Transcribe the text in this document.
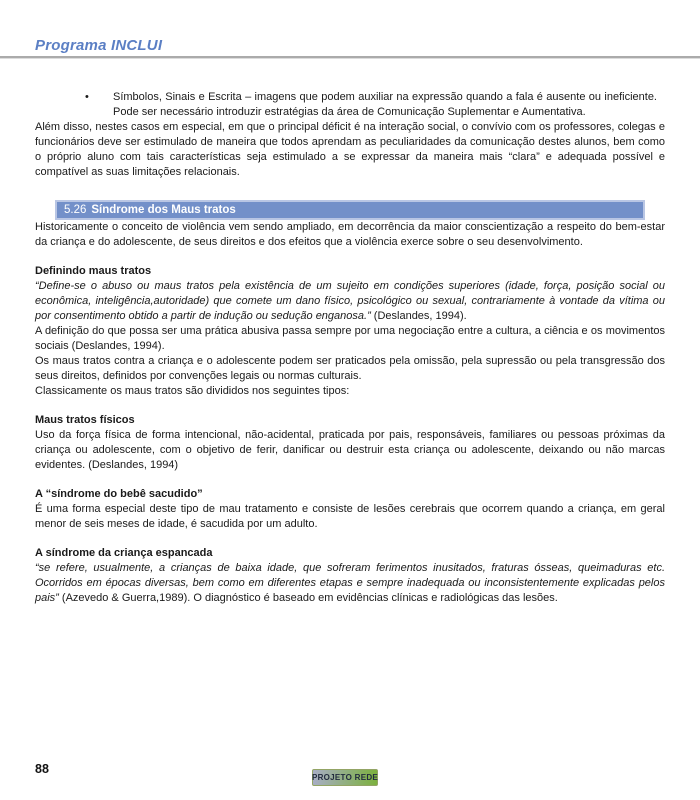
Programa INCLUI
•	Símbolos, Sinais e Escrita – imagens que podem auxiliar na expressão quando a fala é ausente ou ineficiente. Pode ser necessário introduzir estratégias da área de Comunicação Suplementar e Aumentativa.

Além disso, nestes casos em especial, em que o principal déficit é na interação social, o convívio com os professores, colegas e funcionários deve ser estimulado de maneira que todos aprendam as peculiaridades da comunicação destes alunos, bem como o próprio aluno com tais características seja estimulado a se expressar da maneira mais “clara” e adequada possível e compatível as suas limitações relacionais.

5.26 Síndrome dos Maus tratos

Historicamente o conceito de violência vem sendo ampliado, em decorrência da maior conscientização a respeito do bem-estar da criança e do adolescente, de seus direitos e dos efeitos que a violência exerce sobre o seu desenvolvimento.

Definindo maus tratos

“Define-se o abuso ou maus tratos pela existência de um sujeito em condições superiores (idade, força, posição social ou econômica, inteligência,autoridade) que comete um dano físico, psicológico ou sexual, contrariamente à vontade da vítima ou por consentimento obtido a partir de indução ou sedução enganosa.” (Deslandes, 1994).

A definição do que possa ser uma prática abusiva passa sempre por uma negociação entre a cultura, a ciência e os movimentos sociais (Deslandes, 1994).

Os maus tratos contra a criança e o adolescente podem ser praticados pela omissão, pela supressão ou pela transgressão dos seus direitos, definidos por convenções legais ou normas culturais.

Classicamente os maus tratos são divididos nos seguintes tipos:

Maus tratos físicos

Uso da força física de forma intencional, não-acidental, praticada por pais, responsáveis, familiares ou pessoas próximas da criança ou adolescente, com o objetivo de ferir, danificar ou destruir esta criança ou adolescente, deixando ou não marcas evidentes. (Deslandes, 1994)

A “síndrome do bebê sacudido”

É uma forma especial deste tipo de mau tratamento e consiste de lesões cerebrais que ocorrem quando a criança, em geral menor de seis meses de idade, é sacudida por um adulto.

A síndrome da criança espancada

“se refere, usualmente, a crianças de baixa idade, que sofreram ferimentos inusitados, fraturas ósseas, queimaduras etc. Ocorridos em épocas diversas, bem como em diferentes etapas e sempre inadequada ou inconsistentemente explicadas pelos pais” (Azevedo & Guerra,1989). O diagnóstico é baseado em evidências clínicas e radiológicas das lesões.

88
PROJETO REDE
